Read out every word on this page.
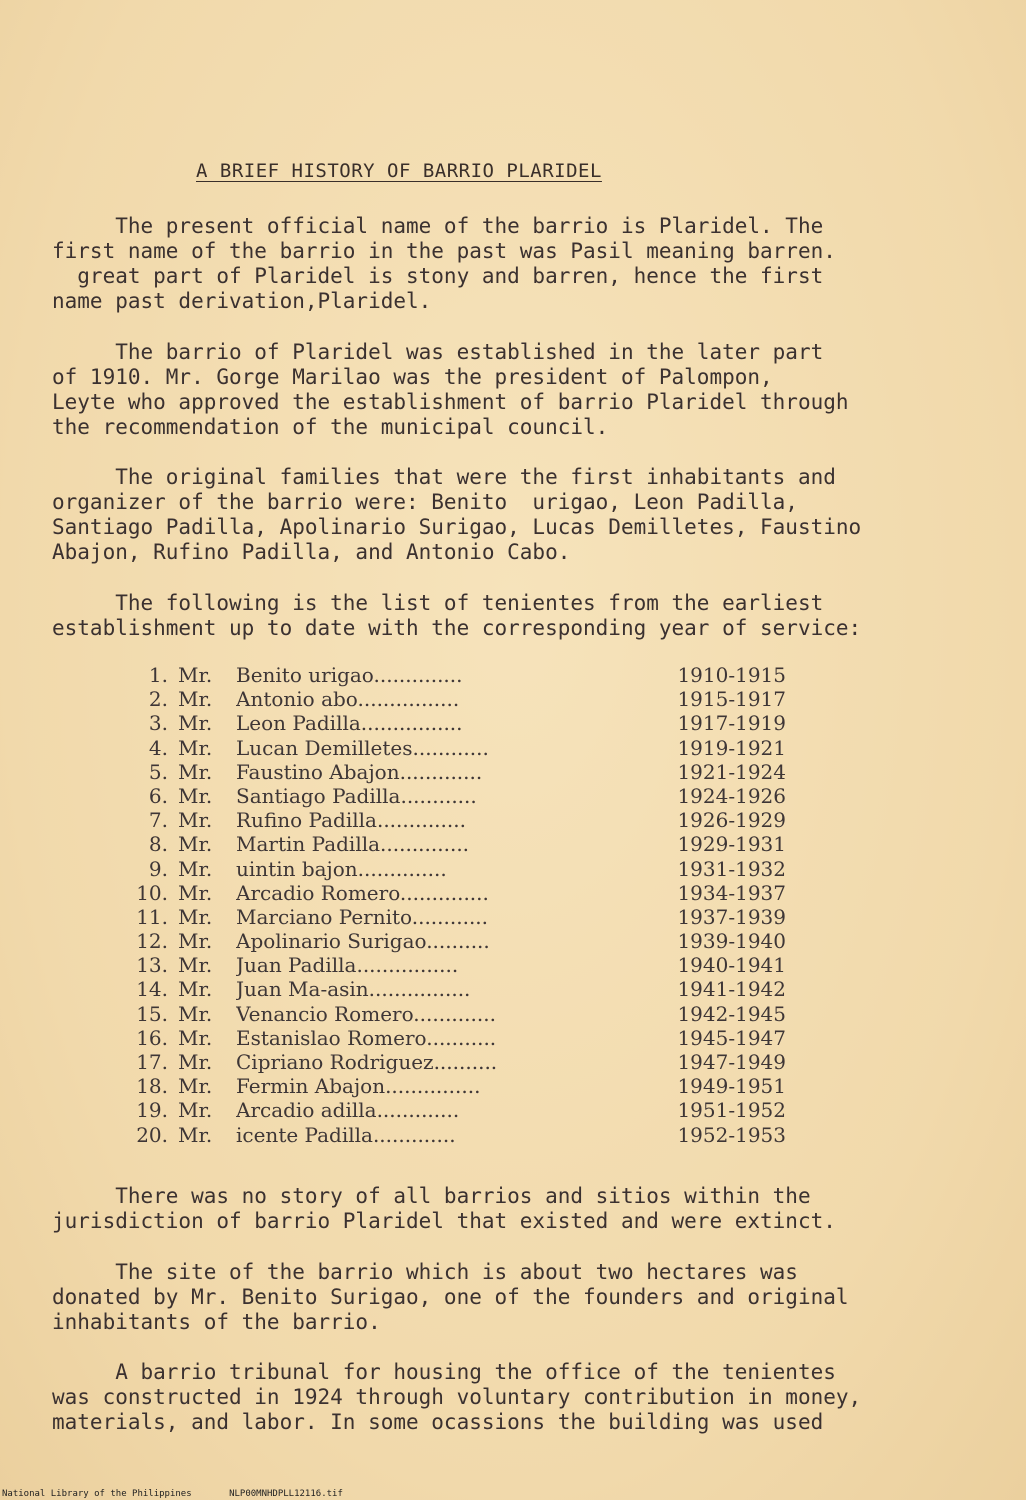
A BRIEF HISTORY OF BARRIO PLARIDEL
The present official name of the barrio is Plaridel. The
first name of the barrio in the past was Pasil meaning barren.
great part of Plaridel is stony and barren, hence the first
name past derivation,Plaridel.
The barrio of Plaridel was established in the later part
of 1910. Mr. Gorge Marilao was the president of Palompon,
Leyte who approved the establishment of barrio Plaridel through
the recommendation of the municipal council.
The original families that were the first inhabitants and
organizer of the barrio were: Benito  urigao, Leon Padilla,
Santiago Padilla, Apolinario Surigao, Lucas Demilletes, Faustino
Abajon, Rufino Padilla, and Antonio Cabo.
The following is the list of tenientes from the earliest
establishment up to date with the corresponding year of service:
1. Mr.	Benito urigao..............	1910-1915
2. Mr.	Antonio abo................	1915-1917
3. Mr.	Leon Padilla................	1917-1919
4. Mr.	Lucan Demilletes............	1919-1921
5. Mr.	Faustino Abajon.............	1921-1924
6. Mr.	Santiago Padilla............	1924-1926
7. Mr.	Rufino Padilla..............	1926-1929
8. Mr.	Martin Padilla..............	1929-1931
9. Mr.	uintin bajon..............	1931-1932
10. Mr.	Arcadio Romero..............	1934-1937
11. Mr.	Marciano Pernito............	1937-1939
12. Mr.	Apolinario Surigao..........	1939-1940
13. Mr.	Juan Padilla................	1940-1941
14. Mr.	Juan Ma-asin................	1941-1942
15. Mr.	Venancio Romero.............	1942-1945
16. Mr.	Estanislao Romero...........	1945-1947
17. Mr.	Cipriano Rodriguez..........	1947-1949
18. Mr.	Fermin Abajon...............	1949-1951
19. Mr.	Arcadio adilla.............	1951-1952
20. Mr.	icente Padilla.............	1952-1953
There was no story of all barrios and sitios within the
jurisdiction of barrio Plaridel that existed and were extinct.
The site of the barrio which is about two hectares was
donated by Mr. Benito Surigao, one of the founders and original
inhabitants of the barrio.
A barrio tribunal for housing the office of the tenientes
was constructed in 1924 through voluntary contribution in money,
materials, and labor. In some ocassions the building was used
National Library of the Philippines	NLP00MNHDPLL12116.tif
